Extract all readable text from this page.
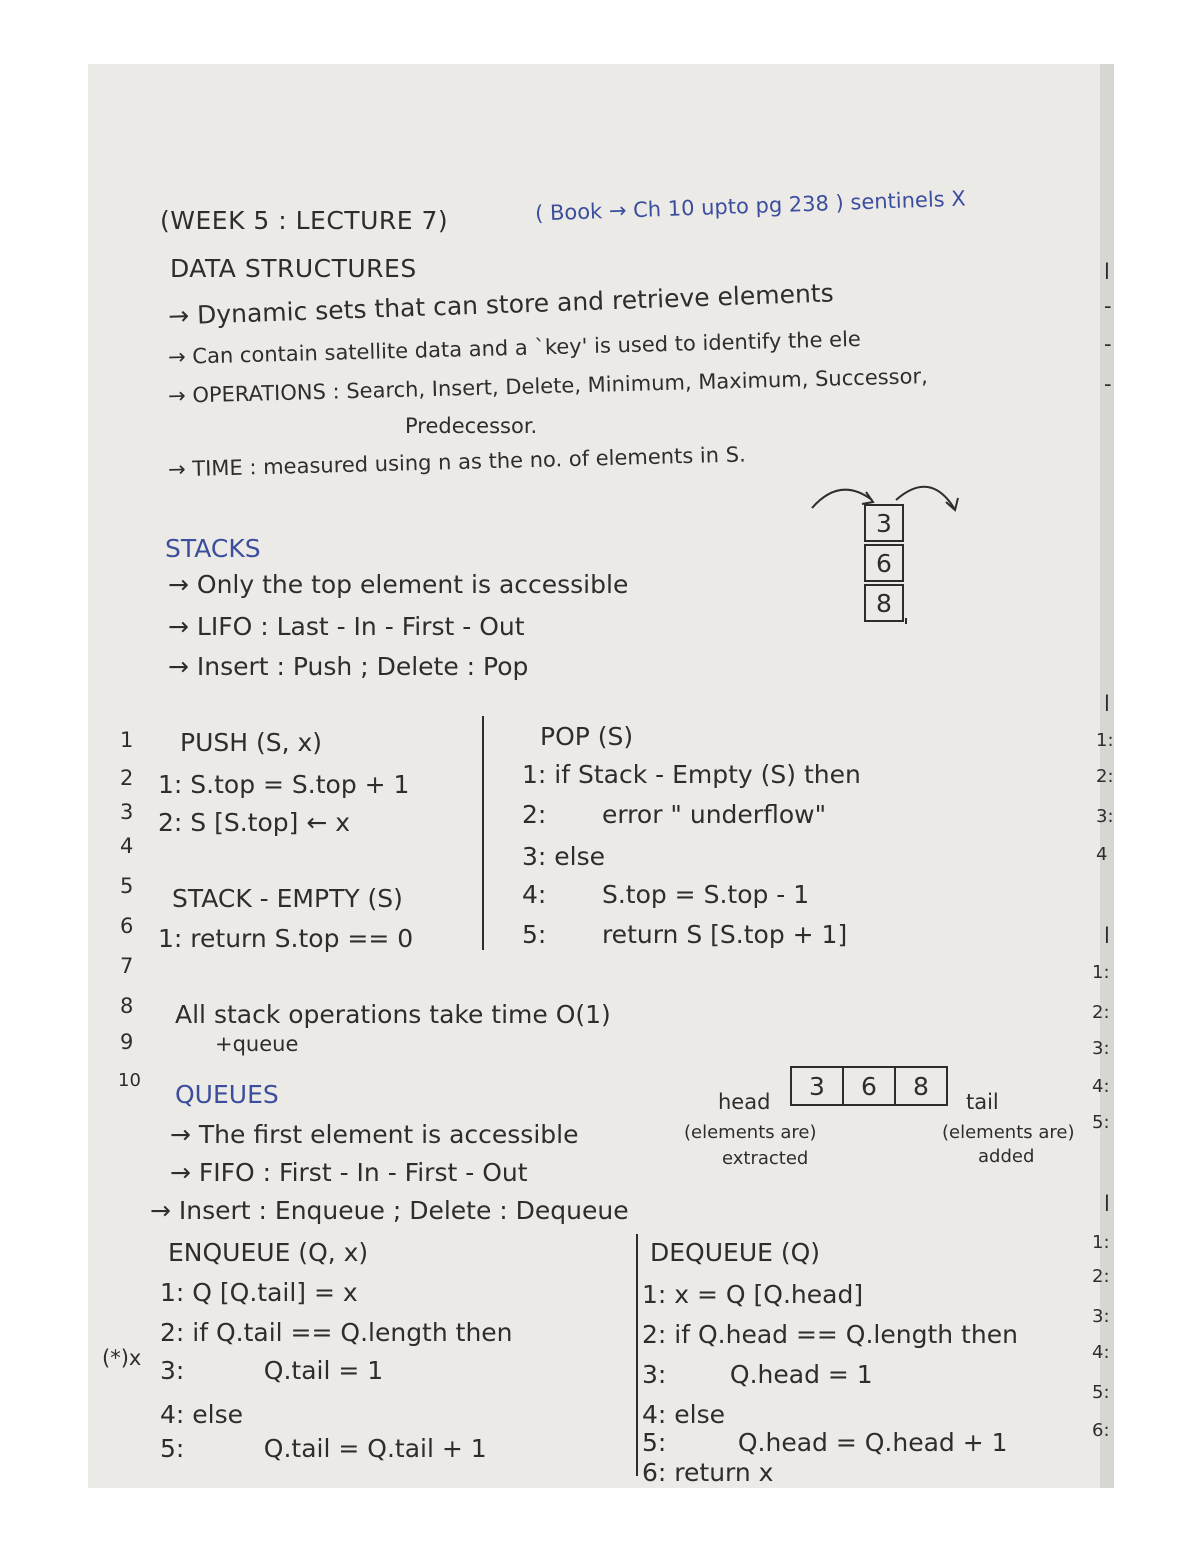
(WEEK 5 : LECTURE 7)	( Book → Ch 10 upto pg 238 ) sentinels X
DATA STRUCTURES
→ Dynamic sets that can store and retrieve elements
→ Can contain satellite data and a `key' is used to identify the ele
→ OPERATIONS : Search, Insert, Delete, Minimum, Maximum, Successor,
Predecessor.
→ TIME : measured using n as the no. of elements in S.
STACKS
→ Only the top element is accessible
→ LIFO : Last - In - First - Out
→ Insert : Push ; Delete : Pop
3
6
8
PUSH (S, x)
1: S.top = S.top + 1
2: S [S.top] ← x
STACK - EMPTY (S)
1: return S.top == 0
POP (S)
1: if Stack - Empty (S) then
2:       error " underflow"
3: else
4:       S.top = S.top - 1
5:       return S [S.top + 1]
All stack operations take time O(1)
+queue
QUEUES
→ The first element is accessible
→ FIFO : First - In - First - Out
→ Insert : Enqueue ; Delete : Dequeue
head
3	6	8
tail
(elements are)
extracted
(elements are)
added
ENQUEUE (Q, x)
1: Q [Q.tail] = x
2: if Q.tail == Q.length then
3:          Q.tail = 1
4: else
5:          Q.tail = Q.tail + 1
DEQUEUE (Q)
1: x = Q [Q.head]
2: if Q.head == Q.length then
3:        Q.head = 1
4: else
5:         Q.head = Q.head + 1
6: return x
1
2
3
4
5
6
7
8
9
10
(*)x
l
-
-
-
l
1:
2:
3:
4
l
1:
2:
3:
4:
5:
l
1:
2:
3:
4:
5:
6:
